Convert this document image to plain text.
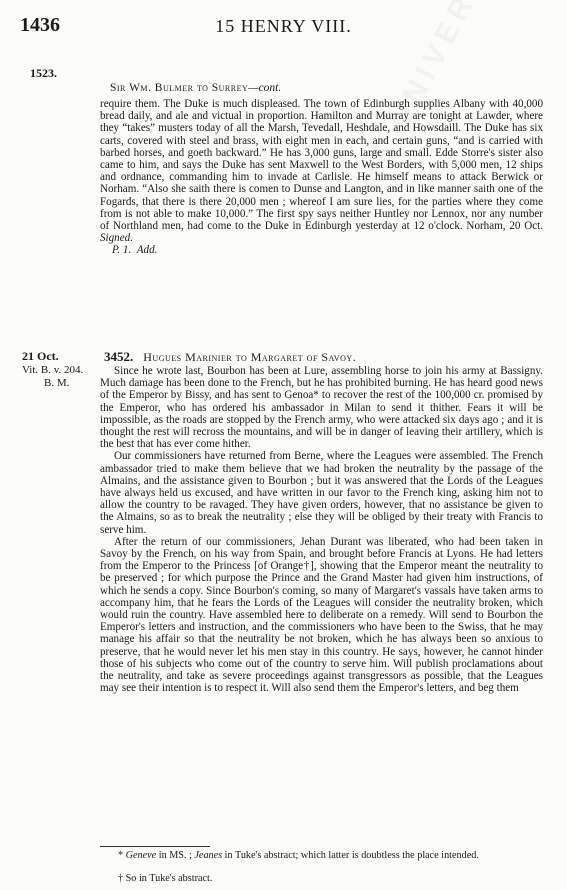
1436	15 HENRY VIII.
1523.
Sir Wm. Bulmer to Surrey—cont.

require them. The Duke is much displeased. The town of Edinburgh supplies Albany with 40,000 bread daily, and ale and victual in proportion. Hamilton and Murray are tonight at Lawder, where they “takes” musters today of all the Marsh, Tevedall, Heshdale, and Howsdaill. The Duke has six carts, covered with steel and brass, with eight men in each, and certain guns, “and is carried with barbed horses, and goeth backward.” He has 3,000 guns, large and small. Edde Storre's sister also came to him, and says the Duke has sent Maxwell to the West Borders, with 5,000 men, 12 ships and ordnance, commanding him to invade at Carlisle. He himself means to attack Berwick or Norham. “Also she saith there is comen to Dunse and Langton, and in like manner saith one of the Fogards, that there is there 20,000 men ; whereof I am sure lies, for the parties where they come from is not able to make 10,000.” The first spy says neither Huntley nor Lennox, nor any number of Northland men, had come to the Duke in Edinburgh yesterday at 12 o'clock. Norham, 20 Oct. Signed.

P. 1. Add.

21 Oct.
Vit. B. v. 204.
B. M.
3452. Hugues Marinier to Margaret of Savoy.

Since he wrote last, Bourbon has been at Lure, assembling horse to join his army at Bassigny. Much damage has been done to the French, but he has prohibited burning. He has heard good news of the Emperor by Bissy, and has sent to Genoa* to recover the rest of the 100,000 cr. promised by the Emperor, who has ordered his ambassador in Milan to send it thither. Fears it will be impossible, as the roads are stopped by the French army, who were attacked six days ago ; and it is thought the rest will recross the mountains, and will be in danger of leaving their artillery, which is the best that has ever come hither.

Our commissioners have returned from Berne, where the Leagues were assembled. The French ambassador tried to make them believe that we had broken the neutrality by the passage of the Almains, and the assistance given to Bourbon ; but it was answered that the Lords of the Leagues have always held us excused, and have written in our favor to the French king, asking him not to allow the country to be ravaged. They have given orders, however, that no assistance be given to the Almains, so as to break the neutrality ; else they will be obliged by their treaty with Francis to serve him.

After the return of our commissioners, Jehan Durant was liberated, who had been taken in Savoy by the French, on his way from Spain, and brought before Francis at Lyons. He had letters from the Emperor to the Princess [of Orange†], showing that the Emperor meant the neutrality to be preserved ; for which purpose the Prince and the Grand Master had given him instructions, of which he sends a copy. Since Bourbon's coming, so many of Margaret's vassals have taken arms to accompany him, that he fears the Lords of the Leagues will consider the neutrality broken, which would ruin the country. Have assembled here to deliberate on a remedy. Will send to Bourbon the Emperor's letters and instruction, and the commissioners who have been to the Swiss, that he may manage his affair so that the neutrality be not broken, which he has always been so anxious to preserve, that he would never let his men stay in this country. He says, however, he cannot hinder those of his subjects who come out of the country to serve him. Will publish proclamations about the neutrality, and take as severe proceedings against transgressors as possible, that the Leagues may see their intention is to respect it. Will also send them the Emperor's letters, and beg them

* Geneve in MS. ; Jeanes in Tuke's abstract; which latter is doubtless the place intended.
† So in Tuke's abstract.
